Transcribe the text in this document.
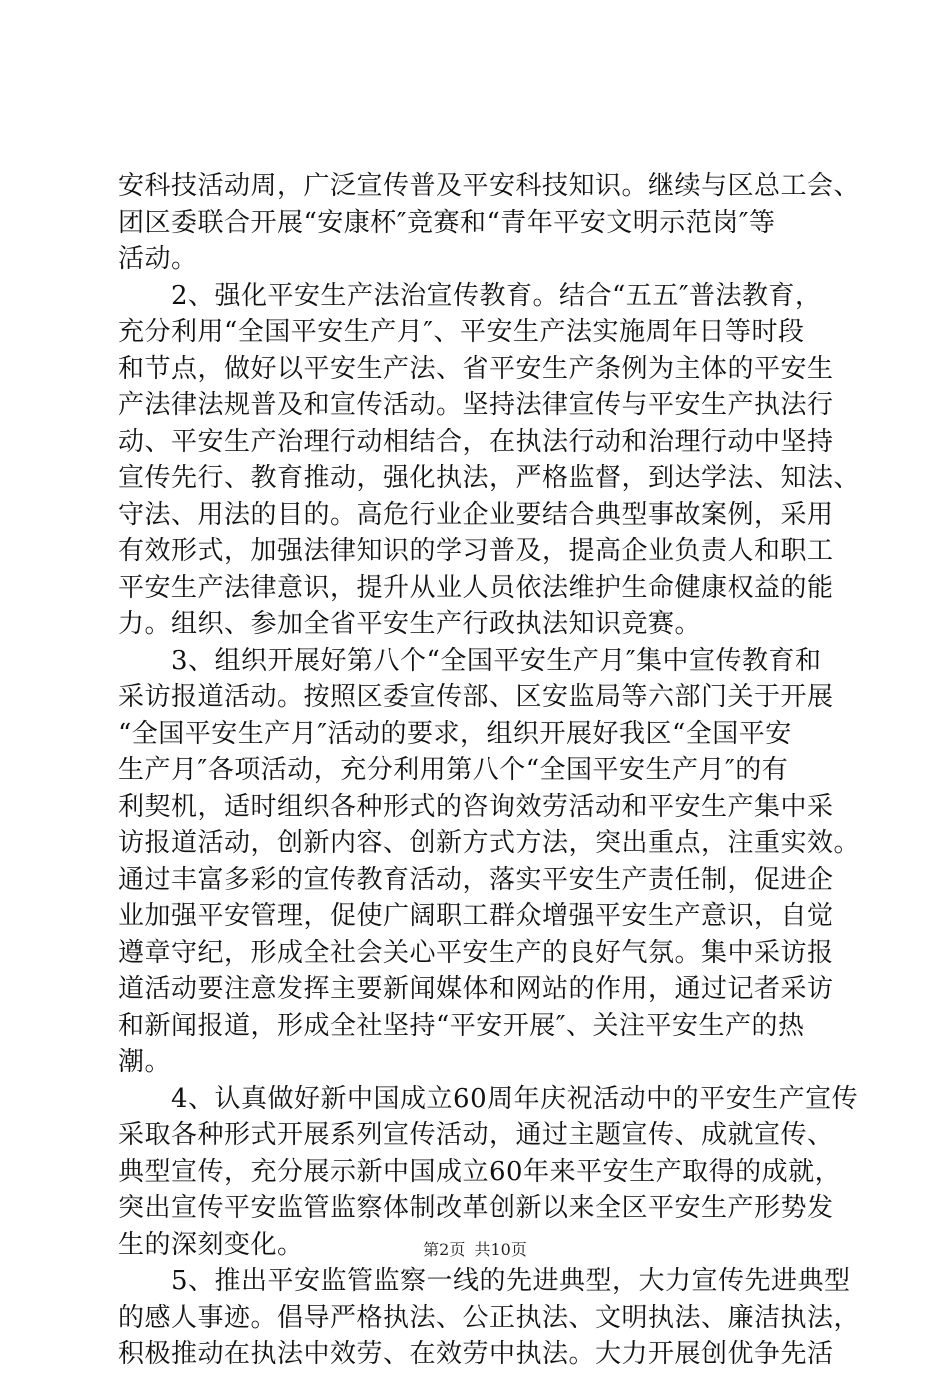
安科技活动周，广泛宣传普及平安科技知识。继续与区总工会、
团区委联合开展“安康杯″竞赛和“青年平安文明示范岗″等
活动。
　　2、强化平安生产法治宣传教育。结合“五五″普法教育，
充分利用“全国平安生产月″、平安生产法实施周年日等时段
和节点，做好以平安生产法、省平安生产条例为主体的平安生
产法律法规普及和宣传活动。坚持法律宣传与平安生产执法行
动、平安生产治理行动相结合，在执法行动和治理行动中坚持
宣传先行、教育推动，强化执法，严格监督，到达学法、知法、
守法、用法的目的。高危行业企业要结合典型事故案例，采用
有效形式，加强法律知识的学习普及，提高企业负责人和职工
平安生产法律意识，提升从业人员依法维护生命健康权益的能
力。组织、参加全省平安生产行政执法知识竞赛。
　　3、组织开展好第八个“全国平安生产月″集中宣传教育和
采访报道活动。按照区委宣传部、区安监局等六部门关于开展
“全国平安生产月″活动的要求，组织开展好我区“全国平安
生产月″各项活动，充分利用第八个“全国平安生产月″的有
利契机，适时组织各种形式的咨询效劳活动和平安生产集中采
访报道活动，创新内容、创新方式方法，突出重点，注重实效。
通过丰富多彩的宣传教育活动，落实平安生产责任制，促进企
业加强平安管理，促使广阔职工群众增强平安生产意识，自觉
遵章守纪，形成全社会关心平安生产的良好气氛。集中采访报
道活动要注意发挥主要新闻媒体和网站的作用，通过记者采访
和新闻报道，形成全社坚持“平安开展″、关注平安生产的热
潮。
　　4、认真做好新中国成立60周年庆祝活动中的平安生产宣传
采取各种形式开展系列宣传活动，通过主题宣传、成就宣传、
典型宣传，充分展示新中国成立60年来平安生产取得的成就，
突出宣传平安监管监察体制改革创新以来全区平安生产形势发
生的深刻变化。
　　5、推出平安监管监察一线的先进典型，大力宣传先进典型
的感人事迹。倡导严格执法、公正执法、文明执法、廉洁执法，
积极推动在执法中效劳、在效劳中执法。大力开展创优争先活
第2页 共10页
